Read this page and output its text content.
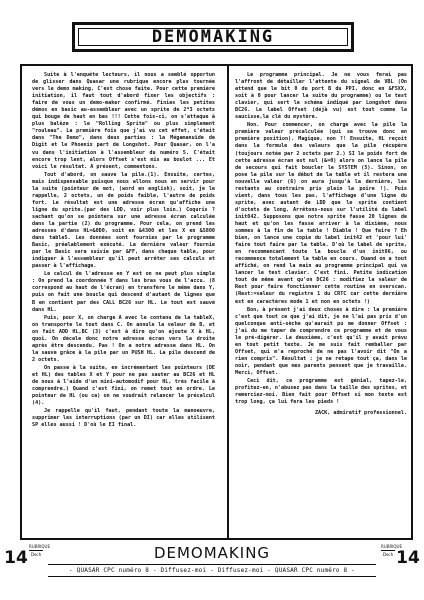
DEMOMAKING

Suite à l'enquête lecteurs, il nous a semblé opportun de glisser dans Quasar une rubrique encore plus tournée vers le demo making. C'est chose faite. Pour cette première initiation, il faut tout d'abord fixer les objectifs : faire de vous un demo-maker confirmé. Finies les petites démos en basic au-assembleur avec un sprite de 2*3 octets qui bouge de haut en bas !!! Cette fois-ci, on s'attaque à plus balèze : le "Rolling Sprite" ou plus simplement "rouleau". La première fois que j'ai vu cet effet, c'était dans "The Demo", dans deux parties : la Mégamanuïde de Digit et le Phoenix part de Longshot. Pour Quasar, on l'a vu dans l'initiation à l'assembleur du numéro 5. C'était encore trop lent, alors Offset s'est mis au boulot ... Et voici le résultat. A présent, commentons.

Tout d'abord, on sauve la pile.(1). Ensuite, certes, mais indispensable puisque nous allons nous en servir pour la suite (pointeur de mot, (word en english), soit, je le rappelle, 2 octets, un de poids faible, l'autre de poids fort. Le résultat est une adresse écran qu'affiche une ligne du sprite.(par des LDD, voir plus loin.) Coquris ? sachant qu'on se pointera sur une adresse écran calculée dans la partie (2) du programme. Pour cela, on prend les adresses d'dans HL=&0D0, soit en &4300 et les X en &5800 dans table5. Les données sont fournies par le programme Basic, préalablement exécuté. La dernière valeur fournie par le Basic sera suivie par &FF, dans chaque table, pour indiquer à l'assembleur qu'il peut arrêter ses calculs et passer à l'affichage.

Le calcul de l'adresse en Y est on ne peut plus simple : On prend la coordonnée Y dans les bras vous de l'accu. (8 correspond au haut de l'écran) en transfère le même dans Y, puis on fait une boucle qui descend d'autant de lignes que B en contient par des CALL BC26 sur HL. Le tout est sauvé dans HL.

Puis, pour X, on charge A avec le contenu de la tableX, on transporte le tout dans C. On annule la valeur de B, et on fait ADD HL,BC (3) c'est à dire qu'on ajoute X à HL, quoi. On décale donc notre adresse écran vers la droite après être descendu. Pas ! On a notre adresse dans HL. On la sauve grâce à la pile par un PUSH HL. La pile descend de 2 octets.

On passe à la suite, en incrémentant les pointeurs (DE et HL) des tables X et Y pour ne pas sauter au BC26 et HL de nous à l'aide d'un mini-automodif pour HL, très facile à comprendre.) Quand c'est fini, on remet tout en ordre. Le pointeur de HL (ou ca) on ne voudrait relancer le précalcul (4).

Je rappelle qu'il faut, pendant toute la manoeuvre, supprimer les interruptions (par un DI) car elles utilisent SP elles aussi ! D'où le EI final.

Le programme principal. Je ne vous ferai pas l'affront de détailler l'attente du signal de VBL (On attend que le bit 0 du port B du PPI, donc en &F5XX, soit à 0 pour lancer la suite du programme) ou le test clavier, qui sert le schéma indiqué par Longshot dans BC26. Le label Offset (déjà vu) est tout comme la saucisse,la clé du mystère.

Non. Pour commencer, on charge avec la pile la première valeur précalculée (qui se trouve donc en première position). Magique, non ?! Ensuite, HL reçoit dans la formule des valeurs que la pile récupère (toujours notée par 2 octets par 2.) SI le poids fort de cette adresse écran est nul (&=0) alors on lance la pile de secours qui fait boucler le SYSTEM (5). Sinon, on pose la pile sur le début de la table et il restera une nouvelle valeur (6) on aura jusqu'à la dernière, les restants au contraire pris plein la poire !). Puis vient, dans tous les pas, l'affichage d'une ligne du sprite, avec autant de LDD que le sprite contient d'octets de long. Arrêtons-nous sur l'utilité du label init042. Supposons que notre sprite fasse 20 lignes de haut et qu'on les fasse arriver à la dixième, nous sommes à la fin de la table ! Diable ! Que faire ? Eh bien, on lance une copie du label init42 et 'pour lui' faire tout faire par la table. D'où le label de sprite, en recommencant toute la boucle d'un init86, ou recommence totalement la table en cours. Ouand on a tout affiché, on rend la main au programme principal qui va lancer le test clavier. C'est fini. Petite indication tout de même avant qu'on DC26 : modifiez la valeur de Rest pour faire fonctionner cette routine en overscan. (Rest:=valeur du registre 1 du CRTC car cette dernière est en caractères mode 1 et non en octets !)

Bon, à présent j'ai deux choses à dire : la première c'est que tout ce que j'ai dit, je ne l'ai pas pris d'un quelconque anti-sèche qu'aurait pu me donner Offset : j'ai du me taper de comprendre ce programme et de vous le pré-digérer. La deuxième, c'est qu'il y avait prévu en tout petit texte. Je me suis fait remballer par Offset, qui m'a reproché de ne pas l'avoir dit "On a rien compris". Résultat : je ne retape tout ça, dans le noir, pendant que mes parents pensent que je travaille. Merci, Offset.

Ceci dit, ce programme est génial, tapez-le, profitez-en, n'abusez pas dans la taille des sprites, et remerciez-moi. Bien fait pour Offset si mon texte est trop long, ça lui fera les pieds !

ZACK, admiratif professionnel.

14
RUBRIQUE
Dech	DEMOMAKING
- QUASAR CPC numéro 8 - Diffusez-moi - Diffusez-moi - QUASAR CPC numéro 8 -
RUBRIQUE
Dech 14
